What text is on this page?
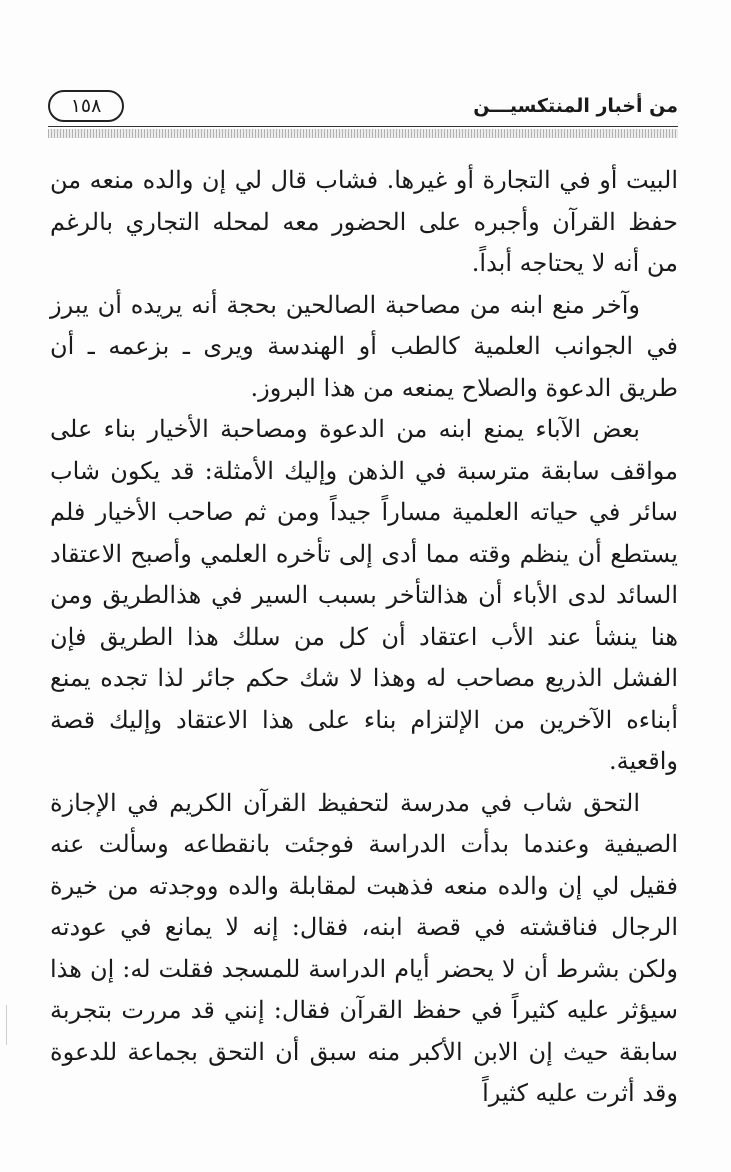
١٥٨	من أخبار المنتكسيـــن

البيت أو في التجارة أو غيرها. فشاب قال لي إن والده منعه من حفظ القرآن وأجبره على الحضور معه لمحله التجاري بالرغم من أنه لا يحتاجه أبداً.

وآخر منع ابنه من مصاحبة الصالحين بحجة أنه يريده أن يبرز في الجوانب العلمية كالطب أو الهندسة ويرى ـ بزعمه ـ أن طريق الدعوة والصلاح يمنعه من هذا البروز.

بعض الآباء يمنع ابنه من الدعوة ومصاحبة الأخيار بناء على مواقف سابقة مترسبة في الذهن وإليك الأمثلة: قد يكون شاب سائر في حياته العلمية مساراً جيداً ومن ثم صاحب الأخيار فلم يستطع أن ينظم وقته مما أدى إلى تأخره العلمي وأصبح الاعتقاد السائد لدى الأباء أن هذالتأخر بسبب السير في هذالطريق ومن هنا ينشأ عند الأب اعتقاد أن كل من سلك هذا الطريق فإن الفشل الذريع مصاحب له وهذا لا شك حكم جائر لذا تجده يمنع أبناءه الآخرين من الإلتزام بناء على هذا الاعتقاد وإليك قصة واقعية.

التحق شاب في مدرسة لتحفيظ القرآن الكريم في الإجازة الصيفية وعندما بدأت الدراسة فوجئت بانقطاعه وسألت عنه فقيل لي إن والده منعه فذهبت لمقابلة والده ووجدته من خيرة الرجال فناقشته في قصة ابنه، فقال: إنه لا يمانع في عودته ولكن بشرط أن لا يحضر أيام الدراسة للمسجد فقلت له: إن هذا سيؤثر عليه كثيراً في حفظ القرآن فقال: إنني قد مررت بتجربة سابقة حيث إن الابن الأكبر منه سبق أن التحق بجماعة للدعوة وقد أثرت عليه كثيراً
